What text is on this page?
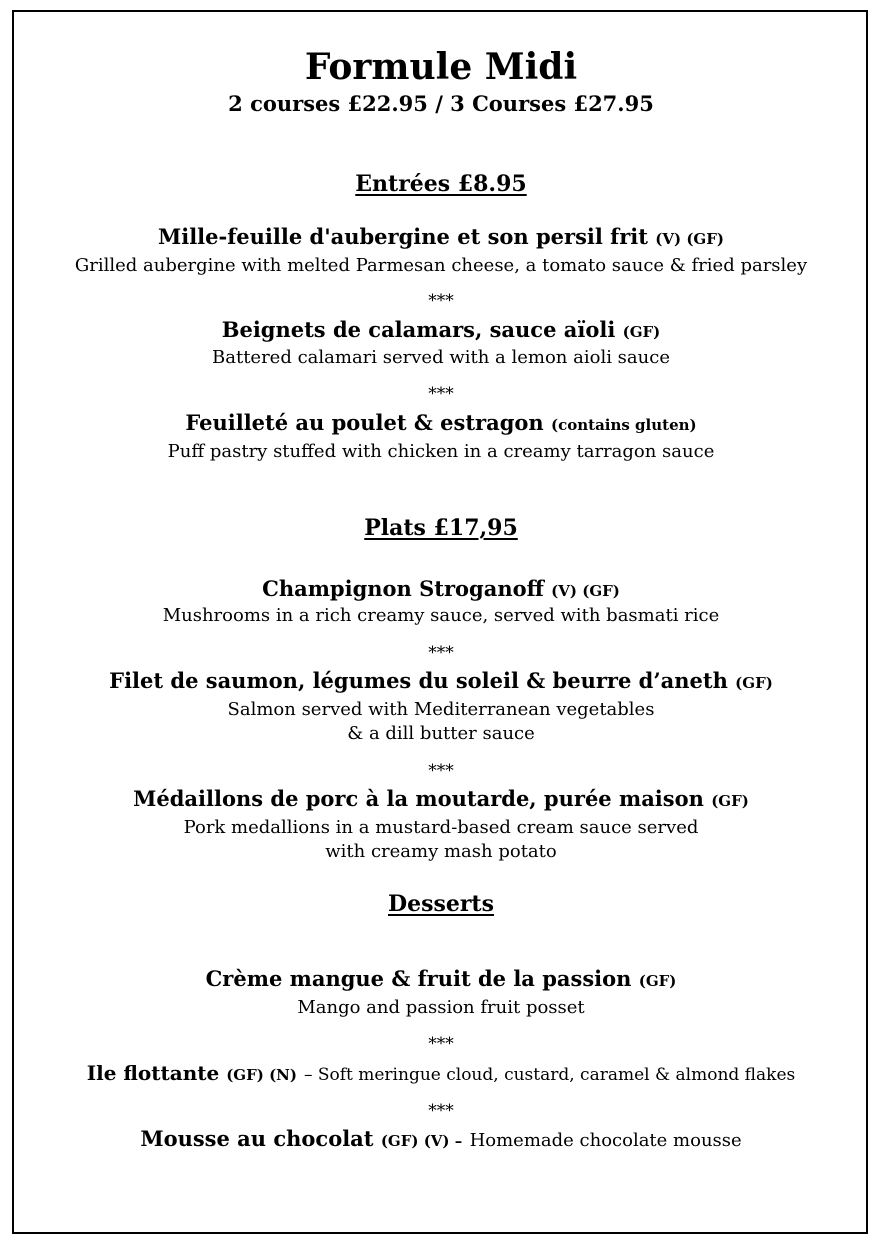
Formule Midi
2 courses £22.95 / 3 Courses £27.95
Entrées £8.95
Mille-feuille d'aubergine et son persil frit (V) (GF)
Grilled aubergine with melted Parmesan cheese, a tomato sauce & fried parsley
***
Beignets de calamars, sauce aïoli (GF)
Battered calamari served with a lemon aioli sauce
***
Feuilleté au poulet & estragon (contains gluten)
Puff pastry stuffed with chicken in a creamy tarragon sauce
Plats £17,95
Champignon Stroganoff (V) (GF)
Mushrooms in a rich creamy sauce, served with basmati rice
***
Filet de saumon, légumes du soleil & beurre d’aneth (GF)
Salmon served with Mediterranean vegetables
& a dill butter sauce
***
Médaillons de porc à la moutarde, purée maison (GF)
Pork medallions in a mustard-based cream sauce served
with creamy mash potato
Desserts
Crème mangue & fruit de la passion (GF)
Mango and passion fruit posset
***
Ile flottante (GF) (N) – Soft meringue cloud, custard, caramel & almond flakes
***
Mousse au chocolat (GF) (V) – Homemade chocolate mousse
